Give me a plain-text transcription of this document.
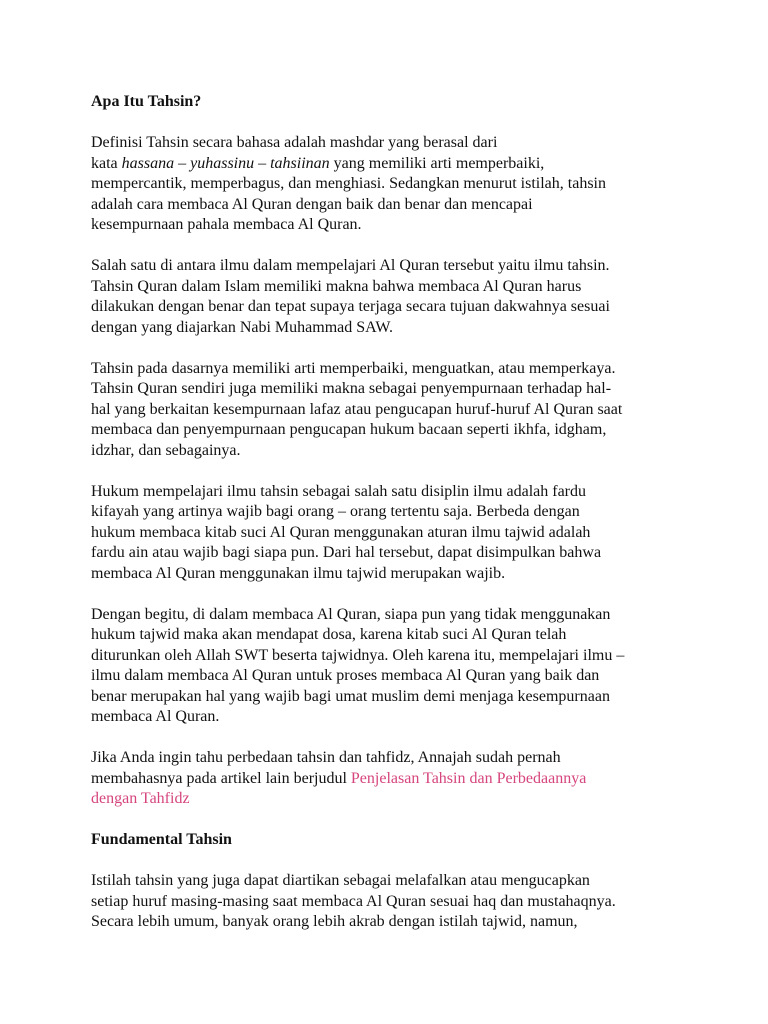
Apa Itu Tahsin?

Definisi Tahsin secara bahasa adalah mashdar yang berasal dari
kata hassana – yuhassinu – tahsiinan yang memiliki arti memperbaiki,
mempercantik, memperbagus, dan menghiasi. Sedangkan menurut istilah, tahsin
adalah cara membaca Al Quran dengan baik dan benar dan mencapai
kesempurnaan pahala membaca Al Quran.

Salah satu di antara ilmu dalam mempelajari Al Quran tersebut yaitu ilmu tahsin.
Tahsin Quran dalam Islam memiliki makna bahwa membaca Al Quran harus
dilakukan dengan benar dan tepat supaya terjaga secara tujuan dakwahnya sesuai
dengan yang diajarkan Nabi Muhammad SAW.

Tahsin pada dasarnya memiliki arti memperbaiki, menguatkan, atau memperkaya.
Tahsin Quran sendiri juga memiliki makna sebagai penyempurnaan terhadap hal-
hal yang berkaitan kesempurnaan lafaz atau pengucapan huruf-huruf Al Quran saat
membaca dan penyempurnaan pengucapan hukum bacaan seperti ikhfa, idgham,
idzhar, dan sebagainya.

Hukum mempelajari ilmu tahsin sebagai salah satu disiplin ilmu adalah fardu
kifayah yang artinya wajib bagi orang – orang tertentu saja. Berbeda dengan
hukum membaca kitab suci Al Quran menggunakan aturan ilmu tajwid adalah
fardu ain atau wajib bagi siapa pun. Dari hal tersebut, dapat disimpulkan bahwa
membaca Al Quran menggunakan ilmu tajwid merupakan wajib.

Dengan begitu, di dalam membaca Al Quran, siapa pun yang tidak menggunakan
hukum tajwid maka akan mendapat dosa, karena kitab suci Al Quran telah
diturunkan oleh Allah SWT beserta tajwidnya. Oleh karena itu, mempelajari ilmu –
ilmu dalam membaca Al Quran untuk proses membaca Al Quran yang baik dan
benar merupakan hal yang wajib bagi umat muslim demi menjaga kesempurnaan
membaca Al Quran.

Jika Anda ingin tahu perbedaan tahsin dan tahfidz, Annajah sudah pernah
membahasnya pada artikel lain berjudul Penjelasan Tahsin dan Perbedaannya
dengan Tahfidz

Fundamental Tahsin

Istilah tahsin yang juga dapat diartikan sebagai melafalkan atau mengucapkan
setiap huruf masing-masing saat membaca Al Quran sesuai haq dan mustahaqnya.
Secara lebih umum, banyak orang lebih akrab dengan istilah tajwid, namun,
